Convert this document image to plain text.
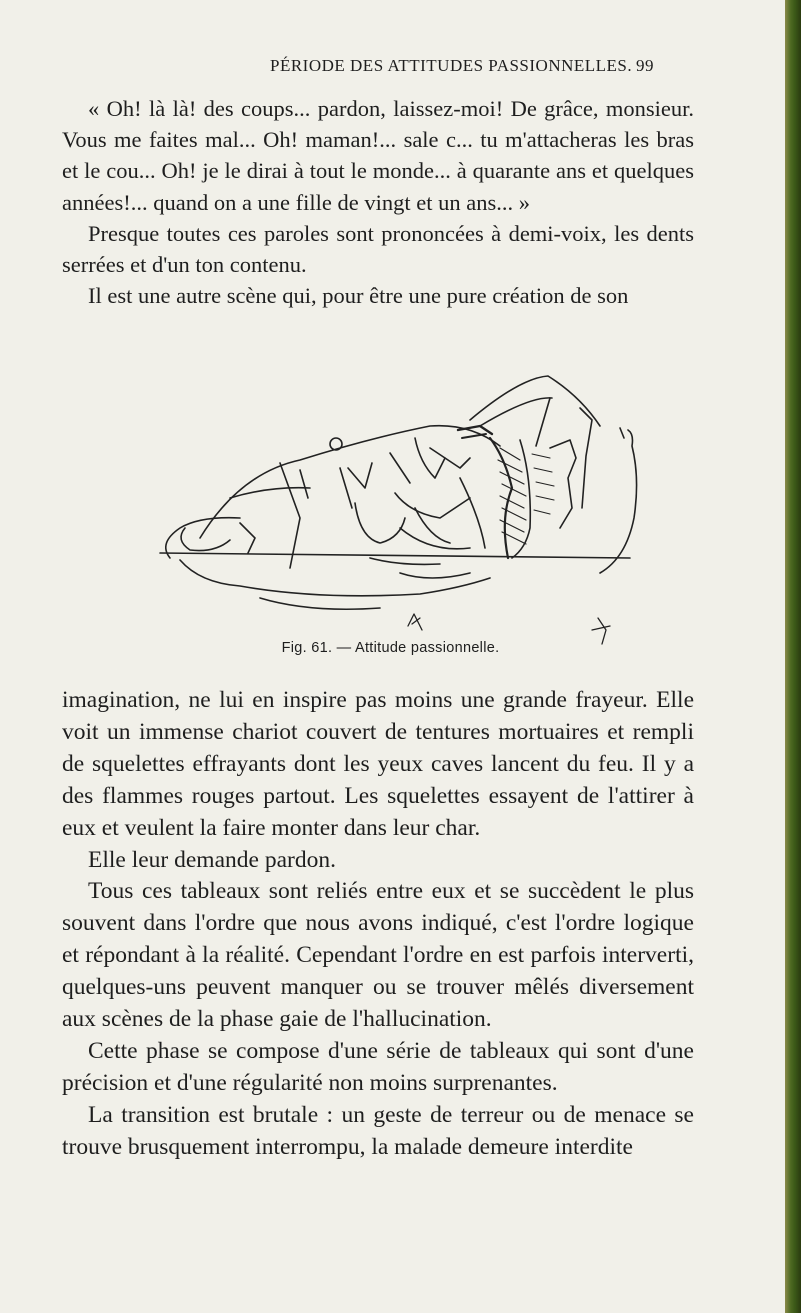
PÉRIODE DES ATTITUDES PASSIONNELLES. 99

« Oh! là là! des coups... pardon, laissez-moi! De grâce, monsieur. Vous me faites mal... Oh! maman!... sale c... tu m'attacheras les bras et le cou... Oh! je le dirai à tout le monde... à quarante ans et quelques années!... quand on a une fille de vingt et un ans... »

Presque toutes ces paroles sont prononcées à demi-voix, les dents serrées et d'un ton contenu.

Il est une autre scène qui, pour être une pure création de son

Fig. 61. — Attitude passionnelle.

imagination, ne lui en inspire pas moins une grande frayeur. Elle voit un immense chariot couvert de tentures mortuaires et rempli de squelettes effrayants dont les yeux caves lancent du feu. Il y a des flammes rouges partout. Les squelettes essayent de l'attirer à eux et veulent la faire monter dans leur char.

Elle leur demande pardon.

Tous ces tableaux sont reliés entre eux et se succèdent le plus souvent dans l'ordre que nous avons indiqué, c'est l'ordre logique et répondant à la réalité. Cependant l'ordre en est parfois interverti, quelques-uns peuvent manquer ou se trouver mêlés diversement aux scènes de la phase gaie de l'hallucination.

Cette phase se compose d'une série de tableaux qui sont d'une précision et d'une régularité non moins surprenantes.

La transition est brutale : un geste de terreur ou de menace se trouve brusquement interrompu, la malade demeure interdite
